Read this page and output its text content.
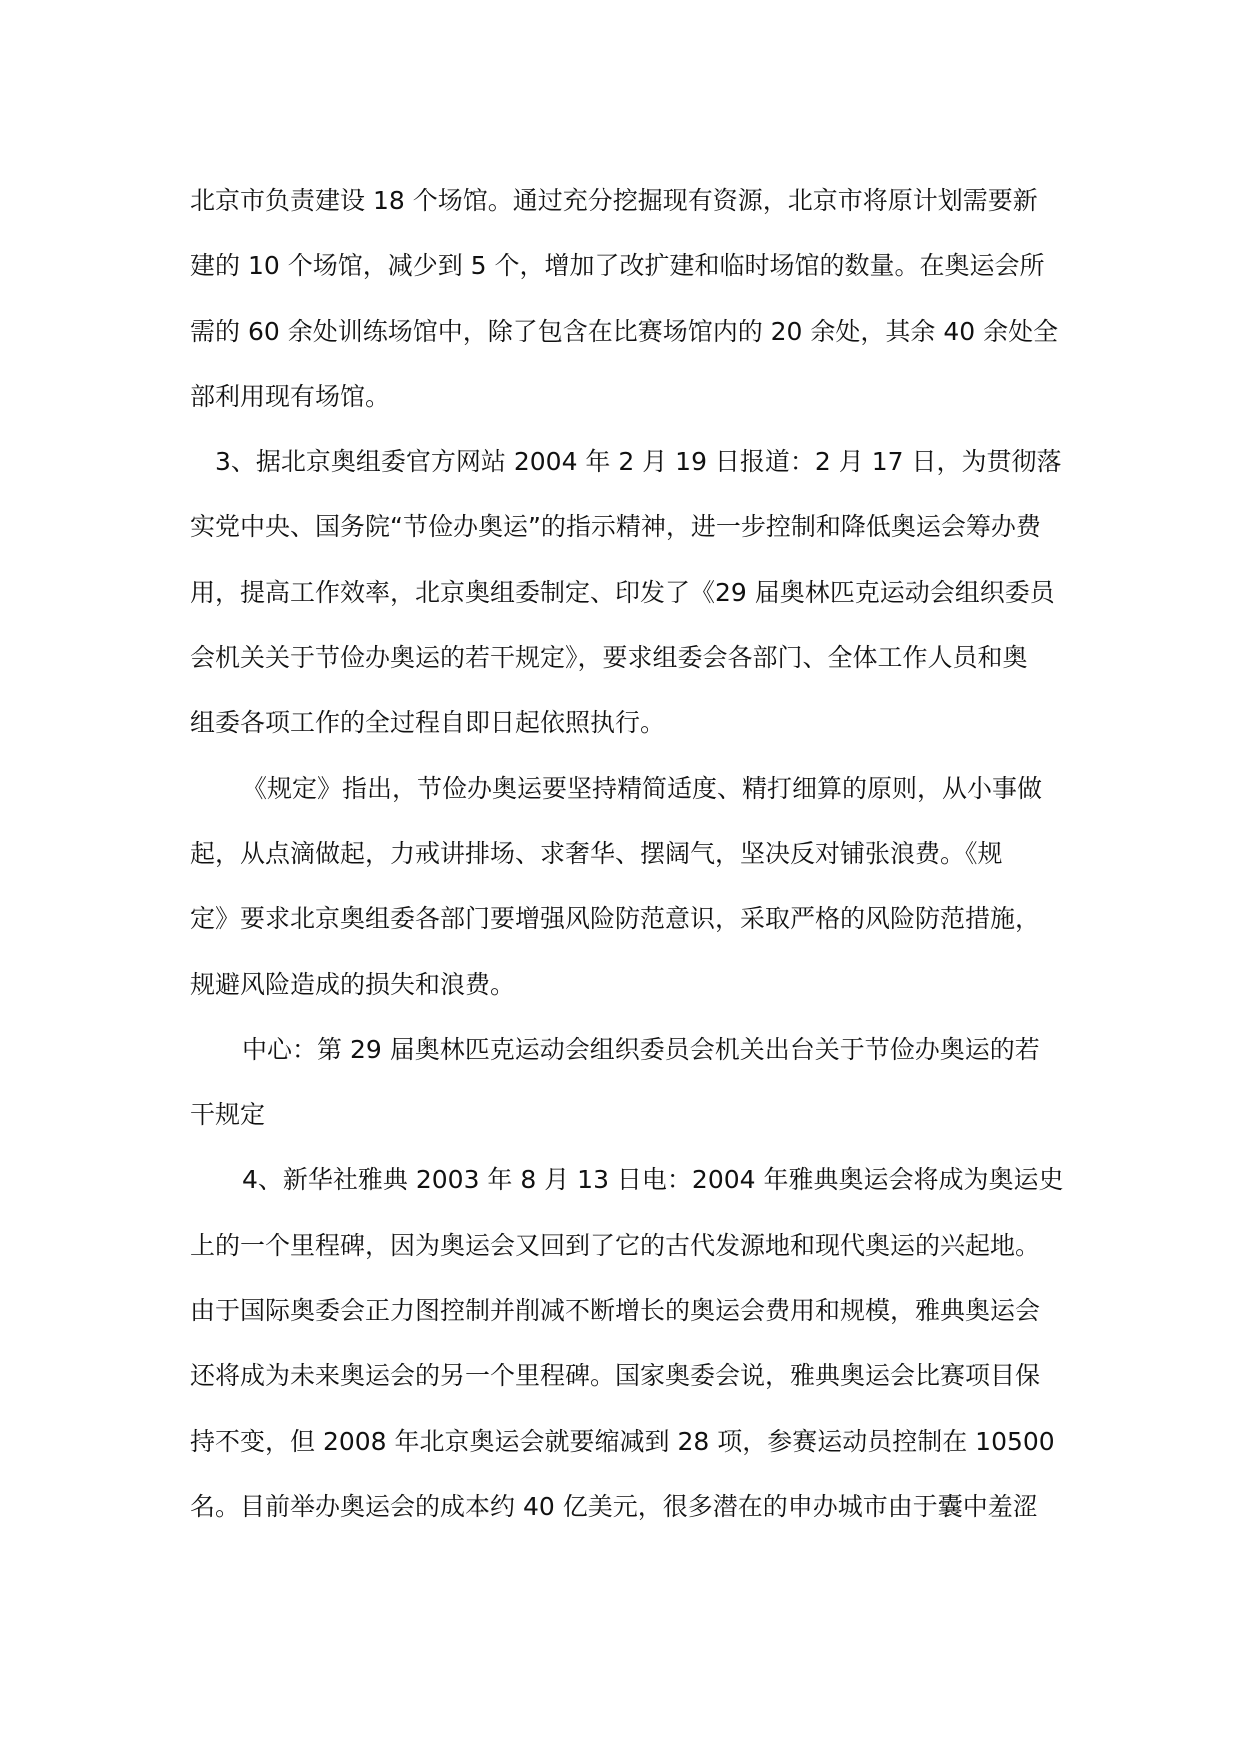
北京市负责建设 18 个场馆。通过充分挖掘现有资源，北京市将原计划需要新
建的 10 个场馆，减少到 5 个，增加了改扩建和临时场馆的数量。在奥运会所
需的 60 余处训练场馆中，除了包含在比赛场馆内的 20 余处，其余 40 余处全
部利用现有场馆。
3、据北京奥组委官方网站 2004 年 2 月 19 日报道：2 月 17 日，为贯彻落
实党中央、国务院“节俭办奥运”的指示精神，进一步控制和降低奥运会筹办费
用，提高工作效率，北京奥组委制定、印发了《29 届奥林匹克运动会组织委员
会机关关于节俭办奥运的若干规定》，要求组委会各部门、全体工作人员和奥
组委各项工作的全过程自即日起依照执行。
《规定》指出，节俭办奥运要坚持精简适度、精打细算的原则，从小事做
起，从点滴做起，力戒讲排场、求奢华、摆阔气，坚决反对铺张浪费。《规
定》要求北京奥组委各部门要增强风险防范意识，采取严格的风险防范措施，
规避风险造成的损失和浪费。
中心：第 29 届奥林匹克运动会组织委员会机关出台关于节俭办奥运的若
干规定
4、新华社雅典 2003 年 8 月 13 日电：2004 年雅典奥运会将成为奥运史
上的一个里程碑，因为奥运会又回到了它的古代发源地和现代奥运的兴起地。
由于国际奥委会正力图控制并削减不断增长的奥运会费用和规模，雅典奥运会
还将成为未来奥运会的另一个里程碑。国家奥委会说，雅典奥运会比赛项目保
持不变，但 2008 年北京奥运会就要缩减到 28 项，参赛运动员控制在 10500
名。目前举办奥运会的成本约 40 亿美元，很多潜在的申办城市由于囊中羞涩
